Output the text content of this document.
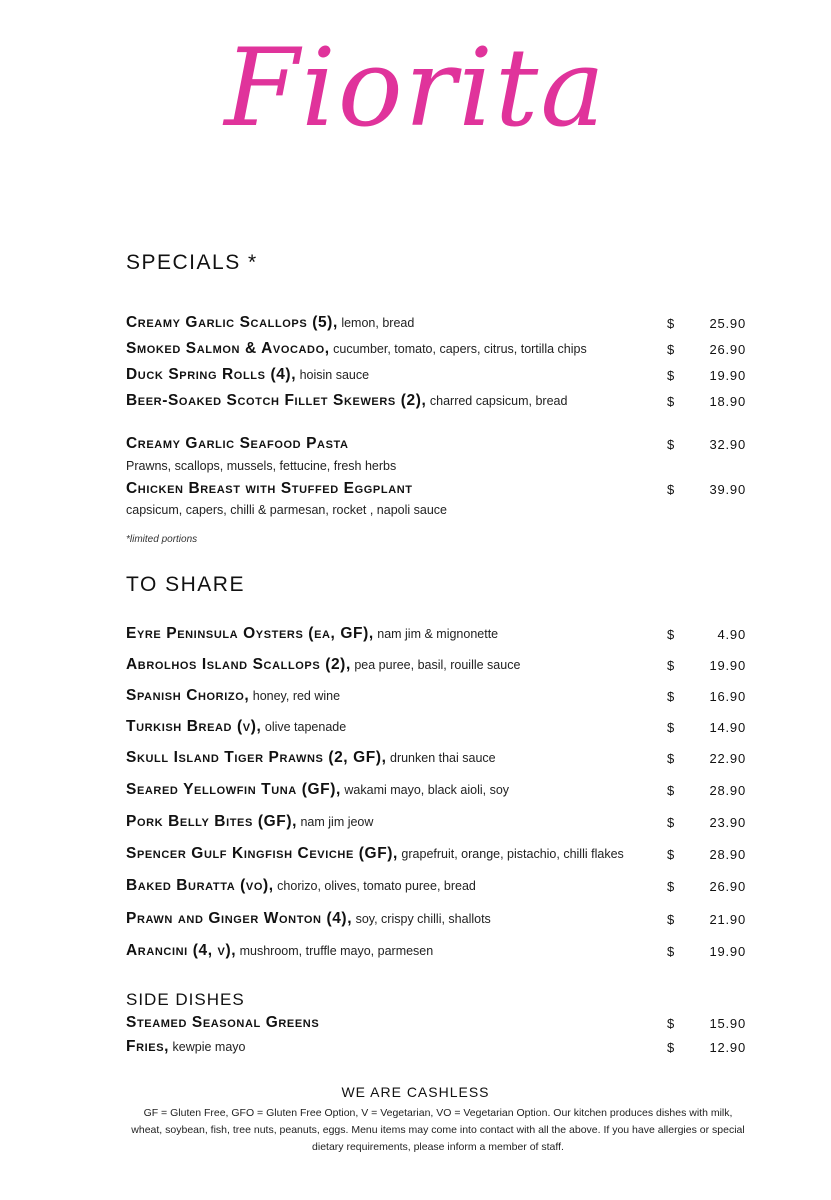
Fiorita
SPECIALS *
Creamy Garlic Scallops (5), lemon, bread	$	25.90
Smoked Salmon & Avocado, cucumber, tomato, capers, citrus, tortilla chips	$	26.90
Duck Spring Rolls (4), hoisin sauce	$	19.90
Beer-Soaked Scotch Fillet Skewers (2), charred capsicum, bread	$	18.90
Creamy Garlic Seafood Pasta	$	32.90
Prawns, scallops, mussels, fettucine, fresh herbs
Chicken Breast with Stuffed Eggplant	$	39.90
capsicum, capers, chilli & parmesan, rocket , napoli sauce
*limited portions
TO SHARE
Eyre Peninsula Oysters (ea, GF), nam jim & mignonette	$	4.90
Abrolhos Island Scallops (2), pea puree, basil, rouille sauce	$	19.90
Spanish Chorizo, honey, red wine	$	16.90
Turkish Bread (v), olive tapenade	$	14.90
Skull Island Tiger Prawns (2, GF), drunken thai sauce	$	22.90
Seared Yellowfin Tuna (GF), wakami mayo, black aioli, soy	$	28.90
Pork Belly Bites (GF), nam jim jeow	$	23.90
Spencer Gulf Kingfish Ceviche (GF), grapefruit, orange, pistachio, chilli flakes	$	28.90
Baked Buratta (vo), chorizo, olives, tomato puree, bread	$	26.90
Prawn and Ginger Wonton (4), soy, crispy chilli, shallots	$	21.90
Arancini (4, v), mushroom, truffle mayo, parmesen	$	19.90
SIDE DISHES
Steamed Seasonal Greens	$	15.90
Fries, kewpie mayo	$	12.90
WE ARE CASHLESS
GF = Gluten Free, GFO = Gluten Free Option, V = Vegetarian, VO = Vegetarian Option. Our kitchen produces dishes with milk, wheat, soybean, fish, tree nuts, peanuts, eggs. Menu items may come into contact with all the above. If you have allergies or special dietary requirements, please inform a member of staff.
